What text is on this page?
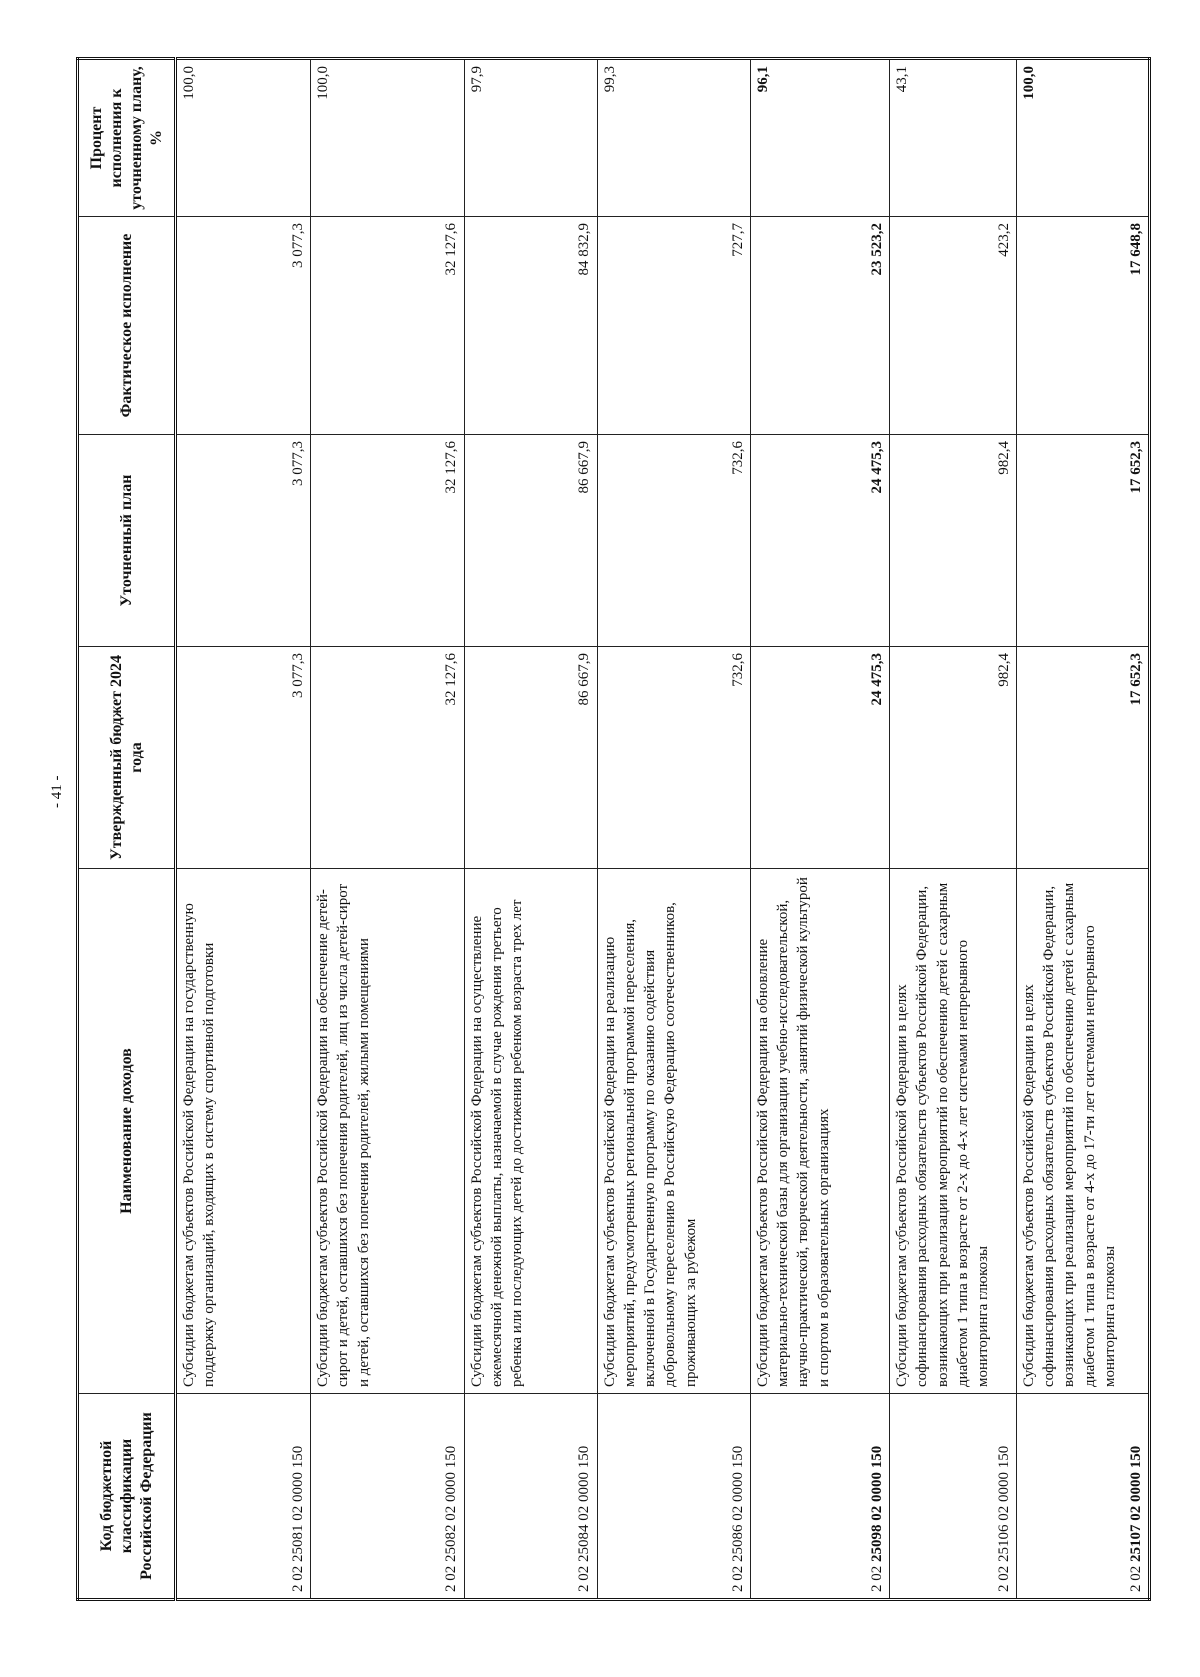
- 41 -
Код бюджетной классификации Российской Федерации	Наименование доходов	Утвержденный бюджет 2024 года	Уточненный план	Фактическое исполнение	Процент исполнения к уточненному плану, %
2 02 25081 02 0000 150	Субсидии бюджетам субъектов Российской Федерации на государственную поддержку организаций, входящих в систему спортивной подготовки	3 077,3	3 077,3	3 077,3	100,0
2 02 25082 02 0000 150	Субсидии бюджетам субъектов Российской Федерации на обеспечение детей-сирот и детей, оставшихся без попечения родителей, лиц из числа детей-сирот и детей, оставшихся без попечения родителей, жилыми помещениями	32 127,6	32 127,6	32 127,6	100,0
2 02 25084 02 0000 150	Субсидии бюджетам субъектов Российской Федерации на осуществление ежемесячной денежной выплаты, назначаемой в случае рождения третьего ребенка или последующих детей до достижения ребенком возраста трех лет	86 667,9	86 667,9	84 832,9	97,9
2 02 25086 02 0000 150	Субсидии бюджетам субъектов Российской Федерации на реализацию мероприятий, предусмотренных региональной программой переселения, включенной в Государственную программу по оказанию содействия добровольному переселению в Российскую Федерацию соотечественников, проживающих за рубежом	732,6	732,6	727,7	99,3
2 02 25098 02 0000 150	Субсидии бюджетам субъектов Российской Федерации на обновление материально-технической базы для организации учебно-исследовательской, научно-практической, творческой деятельности, занятий физической культурой и спортом в образовательных организациях	24 475,3	24 475,3	23 523,2	96,1
2 02 25106 02 0000 150	Субсидии бюджетам субъектов Российской Федерации в целях софинансирования расходных обязательств субъектов Российской Федерации, возникающих при реализации мероприятий по обеспечению детей с сахарным диабетом 1 типа в возрасте от 2-х до 4-х лет системами непрерывного мониторинга глюкозы	982,4	982,4	423,2	43,1
2 02 25107 02 0000 150	Субсидии бюджетам субъектов Российской Федерации в целях софинансирования расходных обязательств субъектов Российской Федерации, возникающих при реализации мероприятий по обеспечению детей с сахарным диабетом 1 типа в возрасте от 4-х до 17-ти лет системами непрерывного мониторинга глюкозы	17 652,3	17 652,3	17 648,8	100,0
